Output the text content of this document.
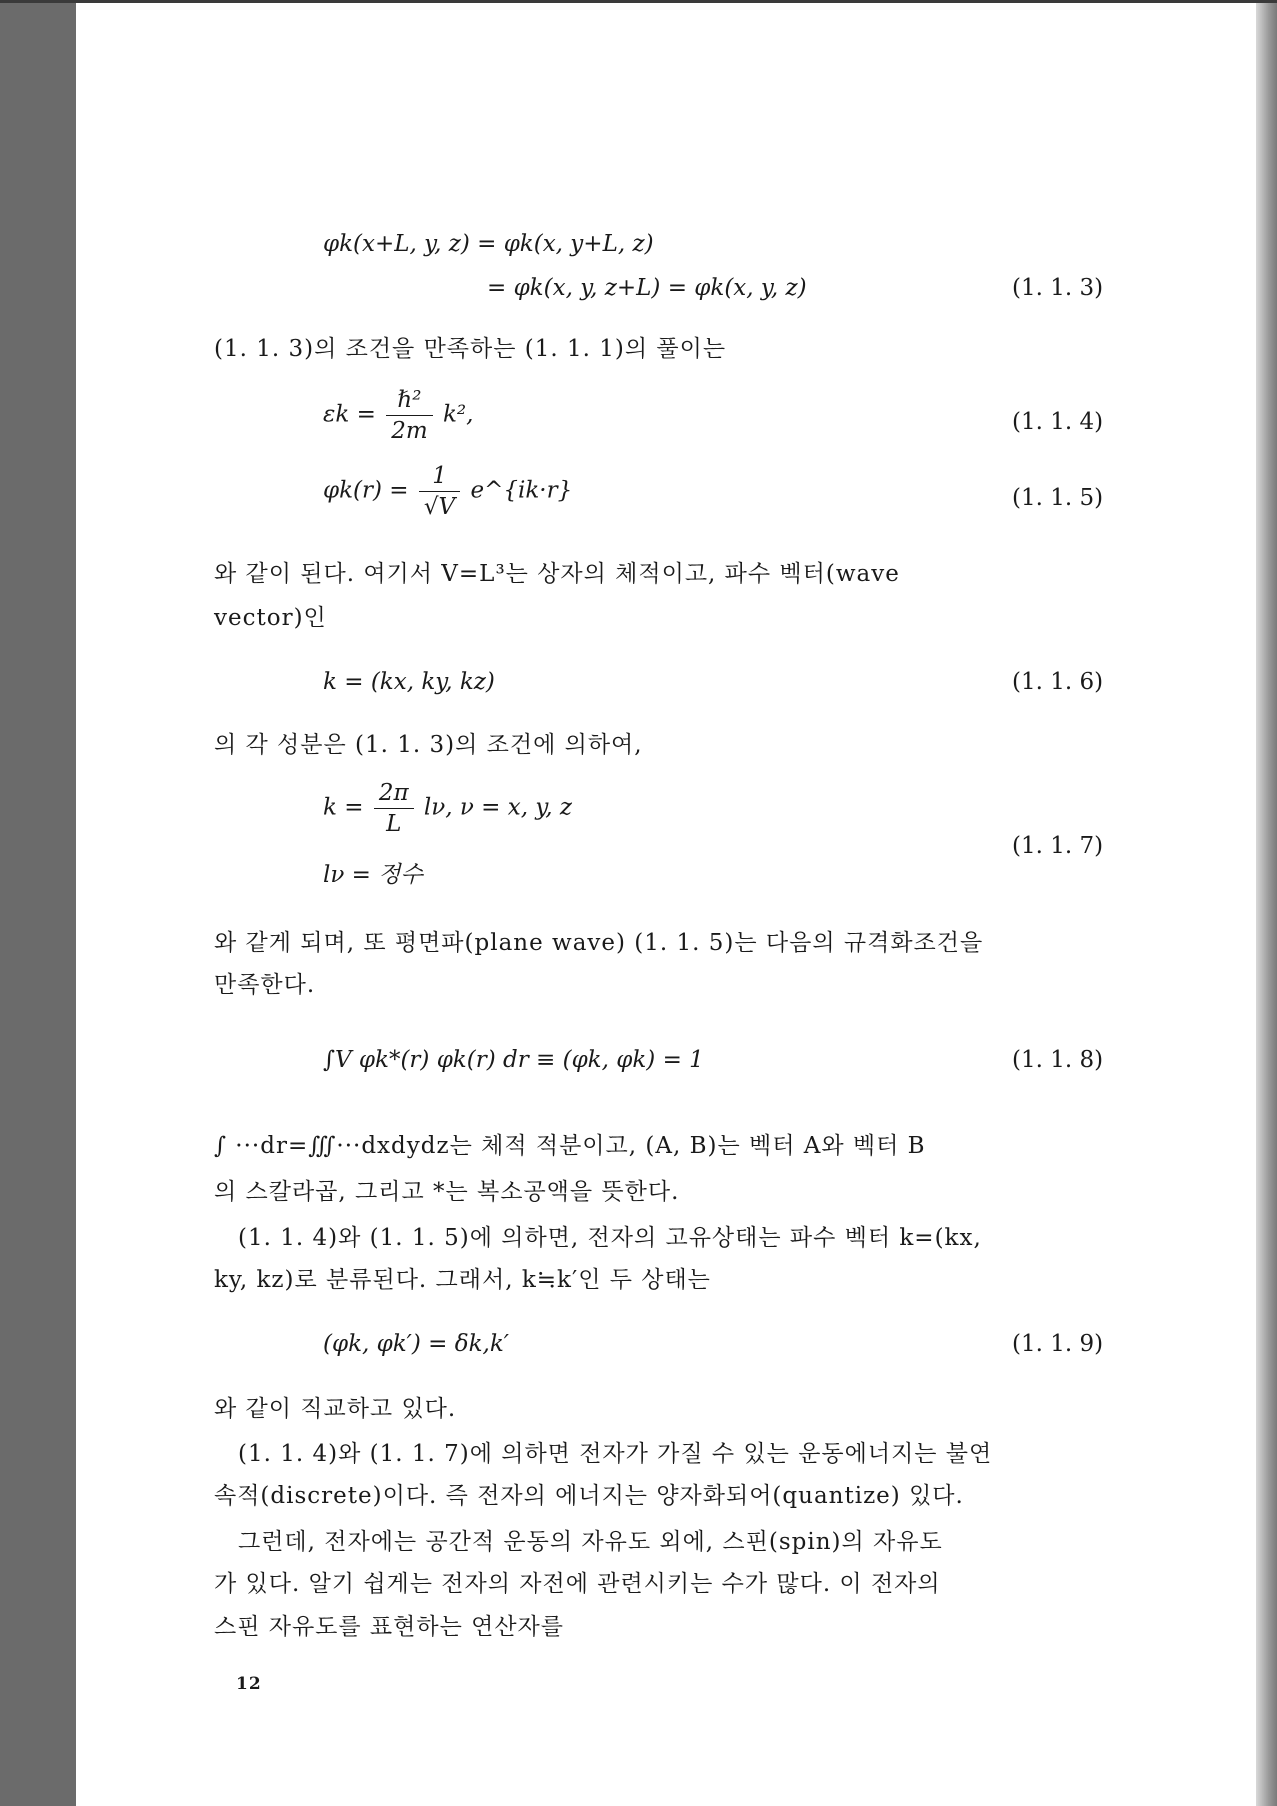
φk(x+L, y, z) = φk(x, y+L, z)
= φk(x, y, z+L) = φk(x, y, z)	(1. 1. 3)
(1. 1. 3)의 조건을 만족하는 (1. 1. 1)의 풀이는
$\varepsilon k = \frac{\text{ℏ²}}{2m} k^2$,	(1. 1. 4)
$\varphi k(r) = \frac{1}{√V}$ e^{ik·r}	(1. 1. 5)
와 같이 된다. 여기서 V=L³는 상자의 체적이고, 파수 벡터(wave
vector)인
k = (kx, ky, kz)	(1. 1. 6)
의 각 성분은 (1. 1. 3)의 조건에 의하여,
$k = \frac{2\pi}{L} l\nu$, ν = x, y, z
(1. 1. 7)
lν = 정수
와 같게 되며, 또 평면파(plane wave) (1. 1. 5)는 다음의 규격화조건을
만족한다.
∫V φk*(r) φk(r) dr ≡ (φk, φk) = 1	(1. 1. 8)
∫ ···dr=∭···dxdydz는 체적 적분이고, (A, B)는 벡터 A와 벡터 B
의 스칼라곱, 그리고 *는 복소공액을 뜻한다.
(1. 1. 4)와 (1. 1. 5)에 의하면, 전자의 고유상태는 파수 벡터 k=(kx,
ky, kz)로 분류된다. 그래서, k≒k′인 두 상태는
(φk, φk′) = δk,k′	(1. 1. 9)
와 같이 직교하고 있다.
(1. 1. 4)와 (1. 1. 7)에 의하면 전자가 가질 수 있는 운동에너지는 불연
속적(discrete)이다. 즉 전자의 에너지는 양자화되어(quantize) 있다.
그런데, 전자에는 공간적 운동의 자유도 외에, 스핀(spin)의 자유도
가 있다. 알기 쉽게는 전자의 자전에 관련시키는 수가 많다. 이 전자의
스핀 자유도를 표현하는 연산자를
12
